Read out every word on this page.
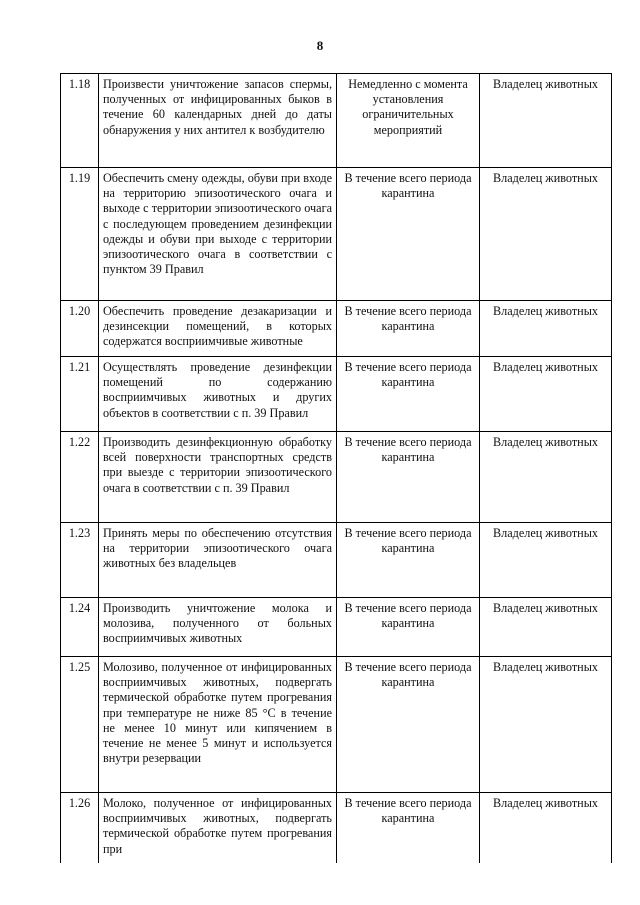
8
1.18	Произвести уничтожение запасов спермы, полученных от инфицированных быков в течение 60 календарных дней до даты обнаружения у них антител к возбудителю	Немедленно с момента установления ограничительных мероприятий	Владелец животных
1.19	Обеспечить смену одежды, обуви при входе на территорию эпизоотического очага и выходе с территории эпизоотического очага с последующем проведением дезинфекции одежды и обуви при выходе с территории эпизоотического очага в соответствии с пунктом 39 Правил	В течение всего периода карантина	Владелец животных
1.20	Обеспечить проведение дезакаризации и дезинсекции помещений, в которых содержатся восприимчивые животные	В течение всего периода карантина	Владелец животных
1.21	Осуществлять проведение дезинфекции помещений по содержанию восприимчивых животных и других объектов в соответствии с п. 39 Правил	В течение всего периода карантина	Владелец животных
1.22	Производить дезинфекционную обработку всей поверхности транспортных средств при выезде с территории эпизоотического очага в соответствии с п. 39 Правил	В течение всего периода карантина	Владелец животных
1.23	Принять меры по обеспечению отсутствия на территории эпизоотического очага животных без владельцев	В течение всего периода карантина	Владелец животных
1.24	Производить уничтожение молока и молозива, полученного от больных восприимчивых животных	В течение всего периода карантина	Владелец животных
1.25	Молозиво, полученное от инфицированных восприимчивых животных, подвергать термической обработке путем прогревания при температуре не ниже 85 °С в течение не менее 10 минут или кипячением в течение не менее 5 минут и используется внутри резервации	В течение всего периода карантина	Владелец животных
1.26	Молоко, полученное от инфицированных восприимчивых животных, подвергать термической обработке путем прогревания при	В течение всего периода карантина	Владелец животных
